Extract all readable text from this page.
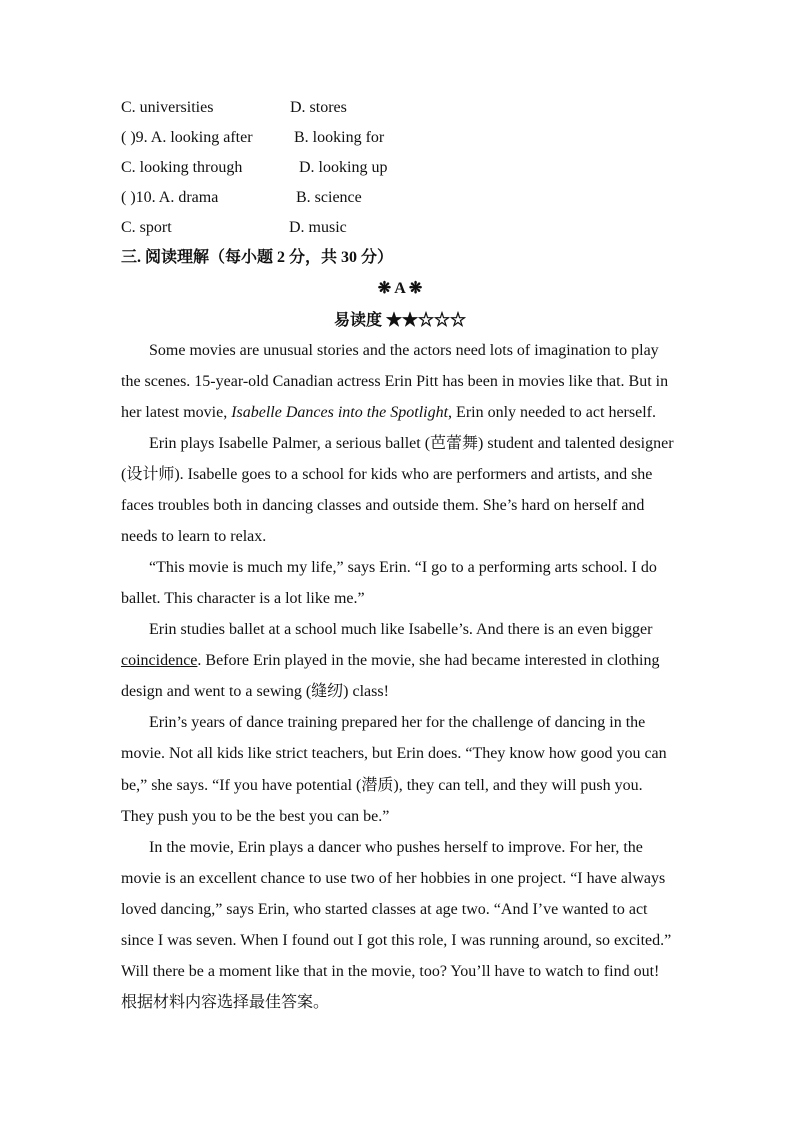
C. universities	D. stores
( )9. A. looking after	B. looking for
C. looking through	D. looking up
( )10. A. drama	B. science
C. sport	D. music
三. 阅读理解（每小题 2 分，共 30 分）
❋ A ❋
易读度 ★★☆☆☆
Some movies are unusual stories and the actors need lots of imagination to play
the scenes. 15-year-old Canadian actress Erin Pitt has been in movies like that. But in
her latest movie, Isabelle Dances into the Spotlight, Erin only needed to act herself.
Erin plays Isabelle Palmer, a serious ballet (芭蕾舞) student and talented designer
(设计师). Isabelle goes to a school for kids who are performers and artists, and she
faces troubles both in dancing classes and outside them. She’s hard on herself and
needs to learn to relax.
“This movie is much my life,” says Erin. “I go to a performing arts school. I do
ballet. This character is a lot like me.”
Erin studies ballet at a school much like Isabelle’s. And there is an even bigger
coincidence. Before Erin played in the movie, she had became interested in clothing
design and went to a sewing (缝纫) class!
Erin’s years of dance training prepared her for the challenge of dancing in the
movie. Not all kids like strict teachers, but Erin does. “They know how good you can
be,” she says. “If you have potential (潜质), they can tell, and they will push you.
They push you to be the best you can be.”
In the movie, Erin plays a dancer who pushes herself to improve. For her, the
movie is an excellent chance to use two of her hobbies in one project. “I have always
loved dancing,” says Erin, who started classes at age two. “And I’ve wanted to act
since I was seven. When I found out I got this role, I was running around, so excited.”
Will there be a moment like that in the movie, too? You’ll have to watch to find out!
根据材料内容选择最佳答案。
